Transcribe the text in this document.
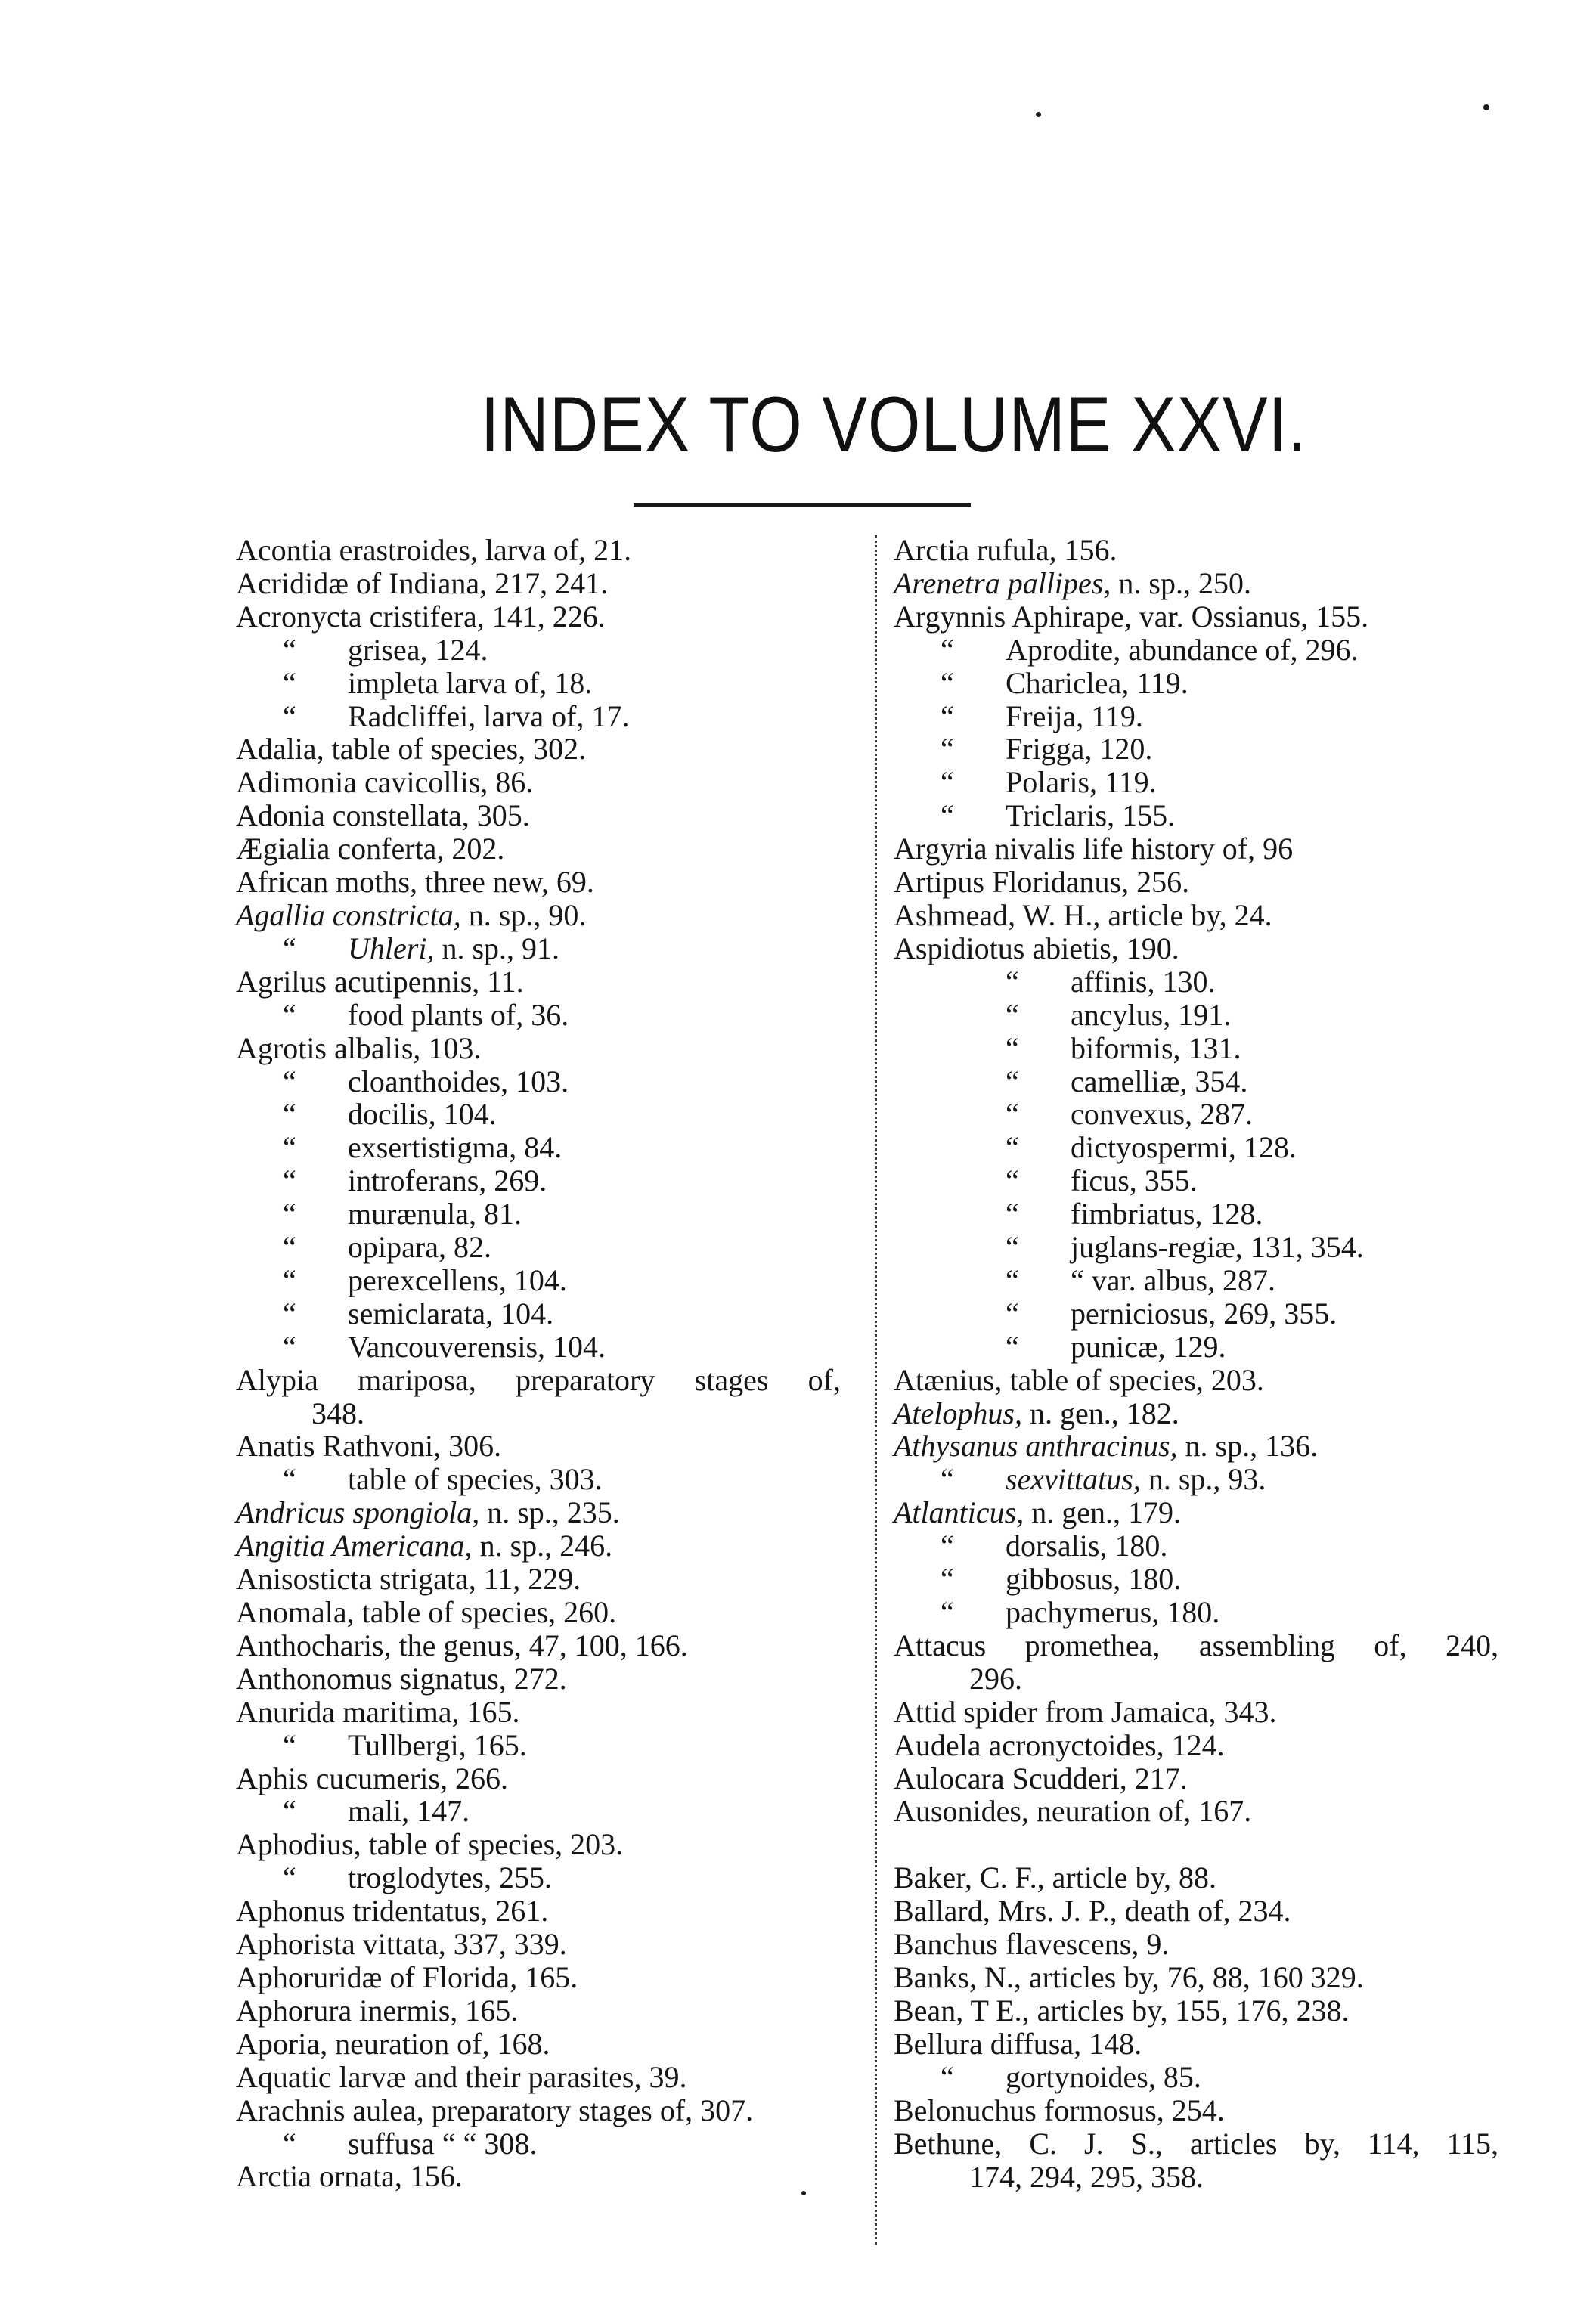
INDEX TO VOLUME XXVI.
Acontia erastroides, larva of, 21.
Acrididæ of Indiana, 217, 241.
Acronycta cristifera, 141, 226.
“ grisea, 124.
“ impleta larva of, 18.
“ Radcliffei, larva of, 17.
Adalia, table of species, 302.
Adimonia cavicollis, 86.
Adonia constellata, 305.
Ægialia conferta, 202.
African moths, three new, 69.
Agallia constricta, n. sp., 90.
“ Uhleri, n. sp., 91.
Agrilus acutipennis, 11.
“ food plants of, 36.
Agrotis albalis, 103.
“ cloanthoides, 103.
“ docilis, 104.
“ exsertistigma, 84.
“ introferans, 269.
“ murænula, 81.
“ opipara, 82.
“ perexcellens, 104.
“ semiclarata, 104.
“ Vancouverensis, 104.
Alypia mariposa, preparatory stages of,
348.
Anatis Rathvoni, 306.
“ table of species, 303.
Andricus spongiola, n. sp., 235.
Angitia Americana, n. sp., 246.
Anisosticta strigata, 11, 229.
Anomala, table of species, 260.
Anthocharis, the genus, 47, 100, 166.
Anthonomus signatus, 272.
Anurida maritima, 165.
“ Tullbergi, 165.
Aphis cucumeris, 266.
“ mali, 147.
Aphodius, table of species, 203.
“ troglodytes, 255.
Aphonus tridentatus, 261.
Aphorista vittata, 337, 339.
Aphoruridæ of Florida, 165.
Aphorura inermis, 165.
Aporia, neuration of, 168.
Aquatic larvæ and their parasites, 39.
Arachnis aulea, preparatory stages of, 307.
“ suffusa “ “ 308.
Arctia ornata, 156.
Arctia rufula, 156.
Arenetra pallipes, n. sp., 250.
Argynnis Aphirape, var. Ossianus, 155.
“ Aprodite, abundance of, 296.
“ Chariclea, 119.
“ Freija, 119.
“ Frigga, 120.
“ Polaris, 119.
“ Triclaris, 155.
Argyria nivalis life history of, 96
Artipus Floridanus, 256.
Ashmead, W. H., article by, 24.
Aspidiotus abietis, 190.
“ affinis, 130.
“ ancylus, 191.
“ biformis, 131.
“ camelliæ, 354.
“ convexus, 287.
“ dictyospermi, 128.
“ ficus, 355.
“ fimbriatus, 128.
“ juglans-regiæ, 131, 354.
“ “ var. albus, 287.
“ perniciosus, 269, 355.
“ punicæ, 129.
Atænius, table of species, 203.
Atelophus, n. gen., 182.
Athysanus anthracinus, n. sp., 136.
“ sexvittatus, n. sp., 93.
Atlanticus, n. gen., 179.
“ dorsalis, 180.
“ gibbosus, 180.
“ pachymerus, 180.
Attacus promethea, assembling of, 240,
296.
Attid spider from Jamaica, 343.
Audela acronyctoides, 124.
Aulocara Scudderi, 217.
Ausonides, neuration of, 167.
Baker, C. F., article by, 88.
Ballard, Mrs. J. P., death of, 234.
Banchus flavescens, 9.
Banks, N., articles by, 76, 88, 160 329.
Bean, T E., articles by, 155, 176, 238.
Bellura diffusa, 148.
“ gortynoides, 85.
Belonuchus formosus, 254.
Bethune, C. J. S., articles by, 114, 115,
174, 294, 295, 358.
